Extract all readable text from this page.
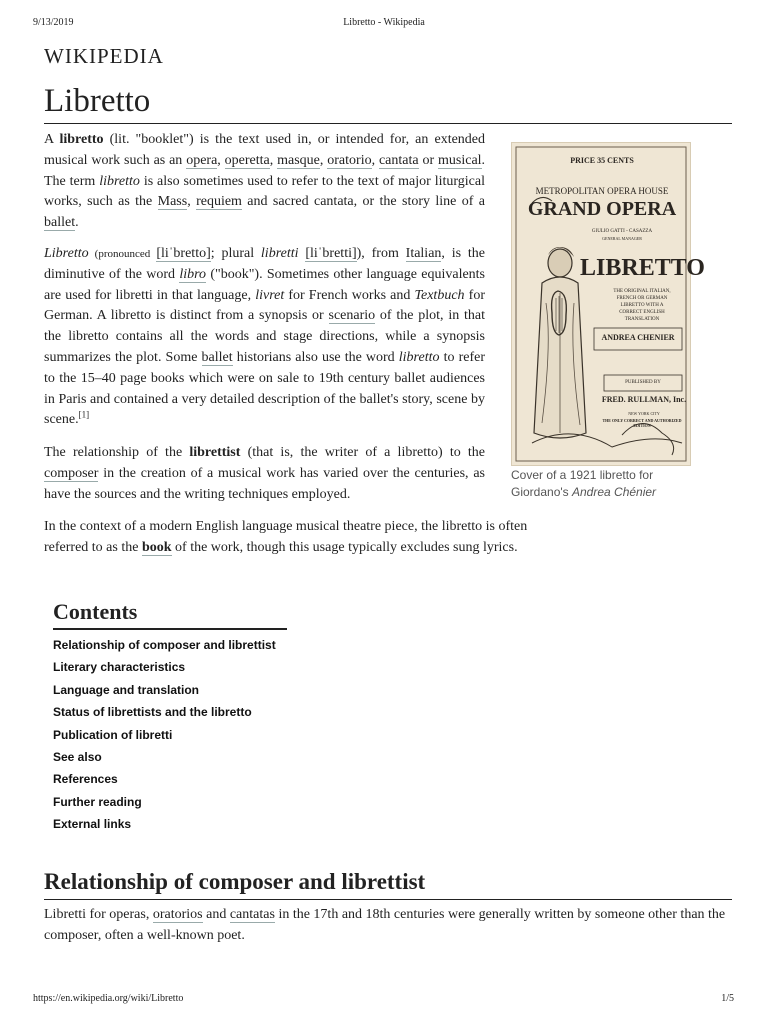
9/13/2019	Libretto - Wikipedia
https://en.wikipedia.org/wiki/Libretto	1/5
WIKIPEDIA
Libretto

A libretto (lit. "booklet") is the text used in, or intended for, an extended musical work such as an opera, operetta, masque, oratorio, cantata or musical. The term libretto is also sometimes used to refer to the text of major liturgical works, such as the Mass, requiem and sacred cantata, or the story line of a ballet.

Libretto (pronounced [liˈbretto]; plural libretti [liˈbretti]), from Italian, is the diminutive of the word libro ("book"). Sometimes other language equivalents are used for libretti in that language, livret for French works and Textbuch for German. A libretto is distinct from a synopsis or scenario of the plot, in that the libretto contains all the words and stage directions, while a synopsis summarizes the plot. Some ballet historians also use the word libretto to refer to the 15–40 page books which were on sale to 19th century ballet audiences in Paris and contained a very detailed description of the ballet's story, scene by scene.[1]

The relationship of the librettist (that is, the writer of a libretto) to the composer in the creation of a musical work has varied over the centuries, as have the sources and the writing techniques employed.

In the context of a modern English language musical theatre piece, the libretto is often referred to as the book of the work, though this usage typically excludes sung lyrics.

PRICE 35 CENTS
METROPOLITAN OPERA HOUSE
GRAND OPERA
GIULIO GATTI - CASAZZA
GENERAL MANAGER
LIBRETTO
THE ORIGINAL ITALIAN,
FRENCH OR GERMAN
LIBRETTO WITH A
CORRECT ENGLISH
TRANSLATION
ANDREA CHENIER
PUBLISHED BY
FRED. RULLMAN, Inc.
NEW YORK CITY
THE ONLY CORRECT AND AUTHORIZED EDITION
Cover of a 1921 libretto for Giordano's Andrea Chénier
Contents
Relationship of composer and librettist
Literary characteristics
Language and translation
Status of librettists and the libretto
Publication of libretti
See also
References
Further reading
External links
Relationship of composer and librettist

Libretti for operas, oratorios and cantatas in the 17th and 18th centuries were generally written by someone other than the composer, often a well-known poet.
